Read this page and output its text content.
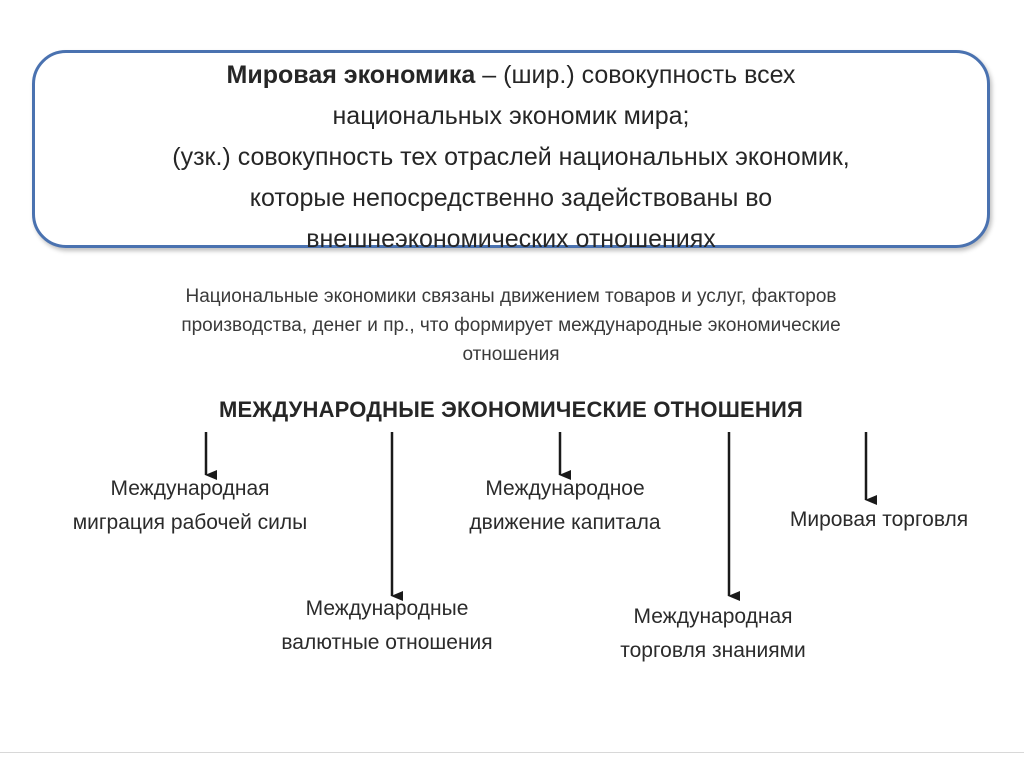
Мировая экономика – (шир.) совокупность всех
национальных экономик мира;
(узк.) совокупность тех отраслей национальных экономик,
которые непосредственно задействованы во
внешнеэкономических отношениях
Национальные экономики связаны движением товаров и услуг, факторов
производства, денег и пр., что формирует международные экономические
отношения
МЕЖДУНАРОДНЫЕ ЭКОНОМИЧЕСКИЕ ОТНОШЕНИЯ
Международная
миграция рабочей силы
Международные
валютные отношения
Международное
движение капитала
Международная
торговля знаниями
Мировая торговля
